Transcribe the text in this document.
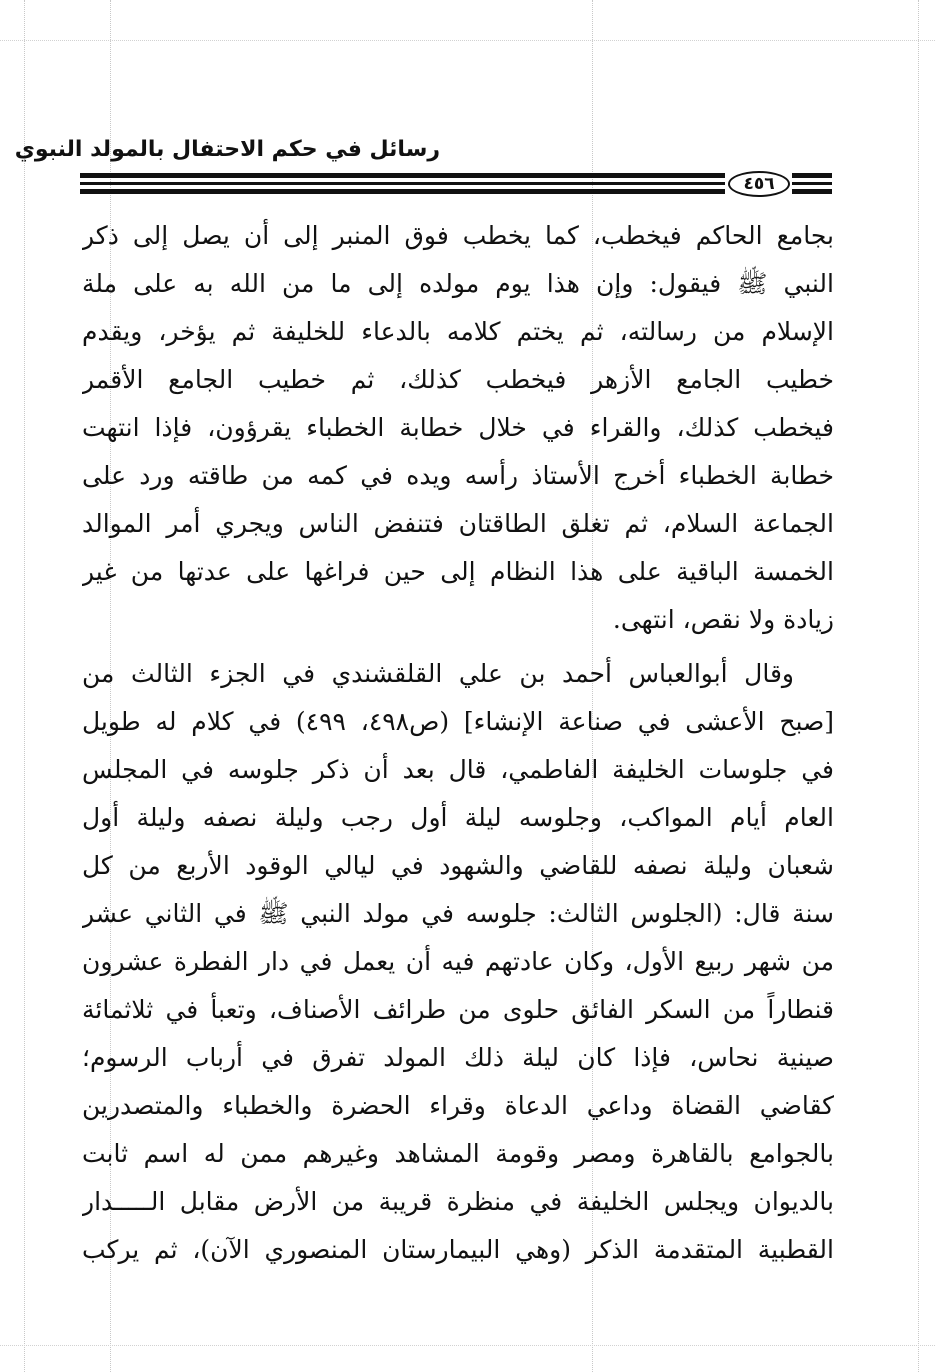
رسائل في حكم الاحتفال بالمولد النبوي
٤٥٦
بجامع الحاكم فيخطب، كما يخطب فوق المنبر إلى أن يصل إلى ذكر
النبي ﷺ فيقول: وإن هذا يوم مولده إلى ما من الله به على ملة
الإسلام من رسالته، ثم يختم كلامه بالدعاء للخليفة ثم يؤخر، ويقدم
خطيب الجامع الأزهر فيخطب كذلك، ثم خطيب الجامع الأقمر
فيخطب كذلك، والقراء في خلال خطابة الخطباء يقرؤون، فإذا انتهت
خطابة الخطباء أخرج الأستاذ رأسه ويده في كمه من طاقته ورد على
الجماعة السلام، ثم تغلق الطاقتان فتنفض الناس ويجري أمر الموالد
الخمسة الباقية على هذا النظام إلى حين فراغها على عدتها من غير
زيادة ولا نقص، انتهى.
وقال أبوالعباس أحمد بن علي القلقشندي في الجزء الثالث من
[صبح الأعشى في صناعة الإنشاء] (ص٤٩٨، ٤٩٩) في كلام له طويل
في جلوسات الخليفة الفاطمي، قال بعد أن ذكر جلوسه في المجلس
العام أيام المواكب، وجلوسه ليلة أول رجب وليلة نصفه وليلة أول
شعبان وليلة نصفه للقاضي والشهود في ليالي الوقود الأربع من كل
سنة قال: (الجلوس الثالث: جلوسه في مولد النبي ﷺ في الثاني عشر
من شهر ربيع الأول، وكان عادتهم فيه أن يعمل في دار الفطرة عشرون
قنطاراً من السكر الفائق حلوى من طرائف الأصناف، وتعبأ في ثلاثمائة
صينية نحاس، فإذا كان ليلة ذلك المولد تفرق في أرباب الرسوم؛
كقاضي القضاة وداعي الدعاة وقراء الحضرة والخطباء والمتصدرين
بالجوامع بالقاهرة ومصر وقومة المشاهد وغيرهم ممن له اسم ثابت
بالديوان ويجلس الخليفة في منظرة قريبة من الأرض مقابل الـــــدار
القطبية المتقدمة الذكر (وهي البيمارستان المنصوري الآن)، ثم يركب
